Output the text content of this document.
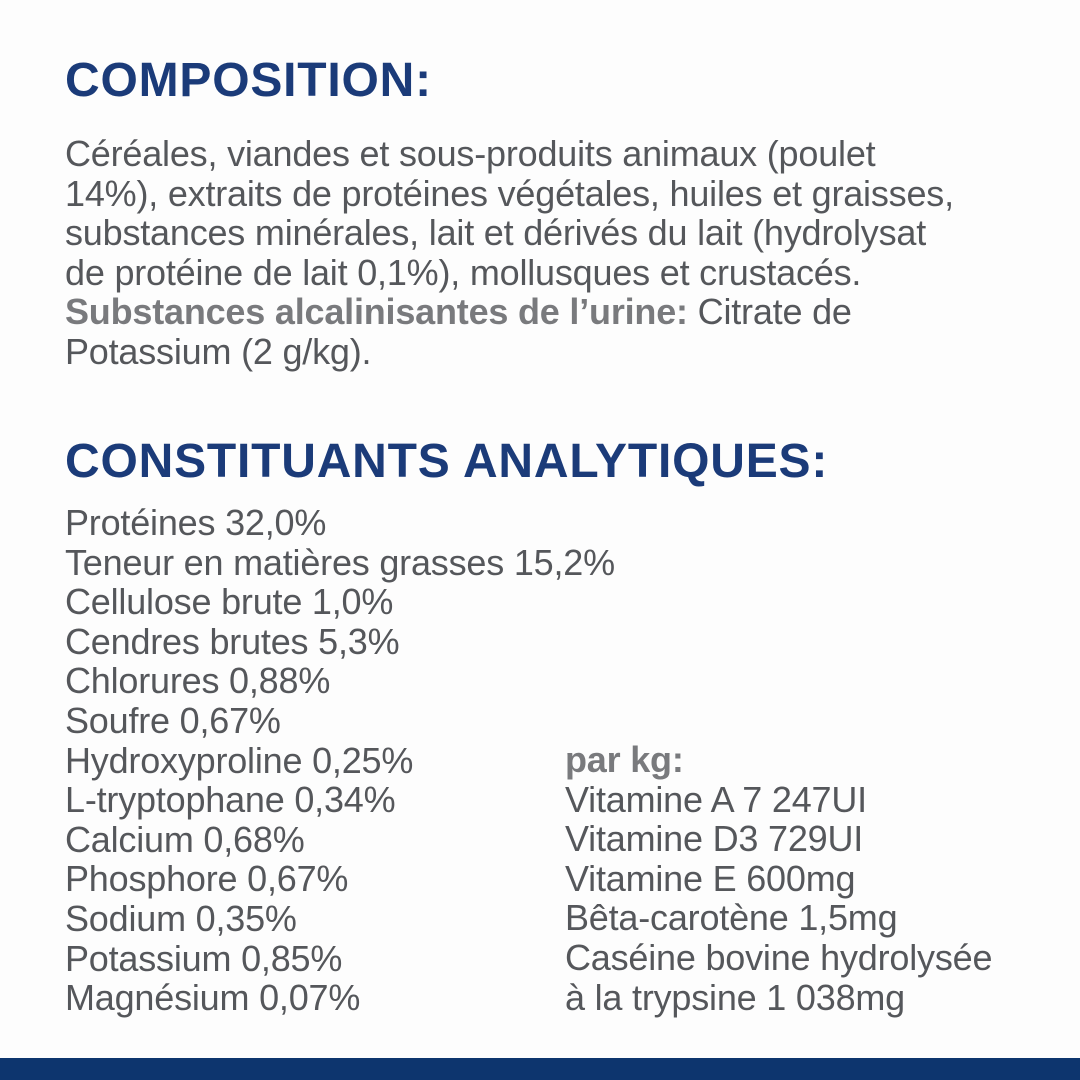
COMPOSITION:
Céréales, viandes et sous-produits animaux (poulet
14%), extraits de protéines végétales, huiles et graisses,
substances minérales, lait et dérivés du lait (hydrolysat
de protéine de lait 0,1%), mollusques et crustacés.
Substances alcalinisantes de l’urine: Citrate de
Potassium (2 g/kg).
CONSTITUANTS ANALYTIQUES:
Protéines 32,0%
Teneur en matières grasses 15,2%
Cellulose brute 1,0%
Cendres brutes 5,3%
Chlorures 0,88%
Soufre 0,67%
Hydroxyproline 0,25%
L-tryptophane 0,34%
Calcium 0,68%
Phosphore 0,67%
Sodium 0,35%
Potassium 0,85%
Magnésium 0,07%
par kg:
Vitamine A 7 247UI
Vitamine D3 729UI
Vitamine E 600mg
Bêta-carotène 1,5mg
Caséine bovine hydrolysée
à la trypsine 1 038mg
